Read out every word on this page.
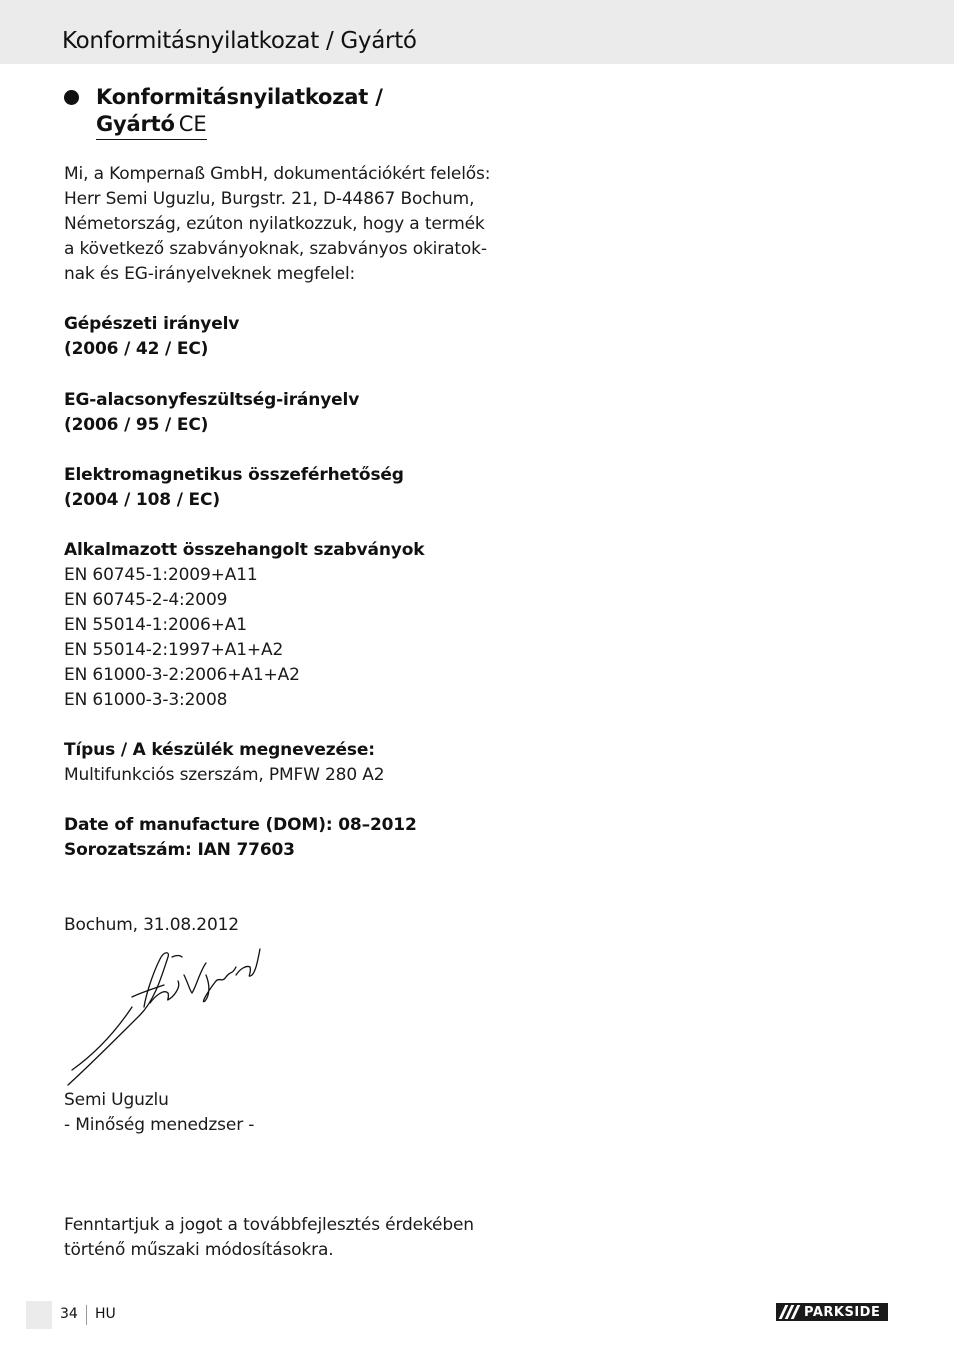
Konformitásnyilatkozat / Gyártó
Konformitásnyilatkozat /
Gyártó CE
Mi, a Kompernaß GmbH, dokumentációkért felelős:
Herr Semi Uguzlu, Burgstr. 21, D-44867 Bochum,
Németország, ezúton nyilatkozzuk, hogy a termék
a következő szabványoknak, szabványos okiratok-
nak és EG-irányelveknek megfelel:
Gépészeti irányelv
(2006 / 42 / EC)
EG-alacsonyfeszültség-irányelv
(2006 / 95 / EC)
Elektromagnetikus összeférhetőség
(2004 / 108 / EC)
Alkalmazott összehangolt szabványok
EN 60745-1:2009+A11
EN 60745-2-4:2009
EN 55014-1:2006+A1
EN 55014-2:1997+A1+A2
EN 61000-3-2:2006+A1+A2
EN 61000-3-3:2008
Típus / A készülék megnevezése:
Multifunkciós szerszám, PMFW 280 A2
Date of manufacture (DOM): 08–2012
Sorozatszám: IAN 77603
Bochum, 31.08.2012
Semi Uguzlu
- Minőség menedzser -
Fenntartjuk a jogot a továbbfejlesztés érdekében
történő műszaki módosításokra.
34 HU	PARKSIDE
